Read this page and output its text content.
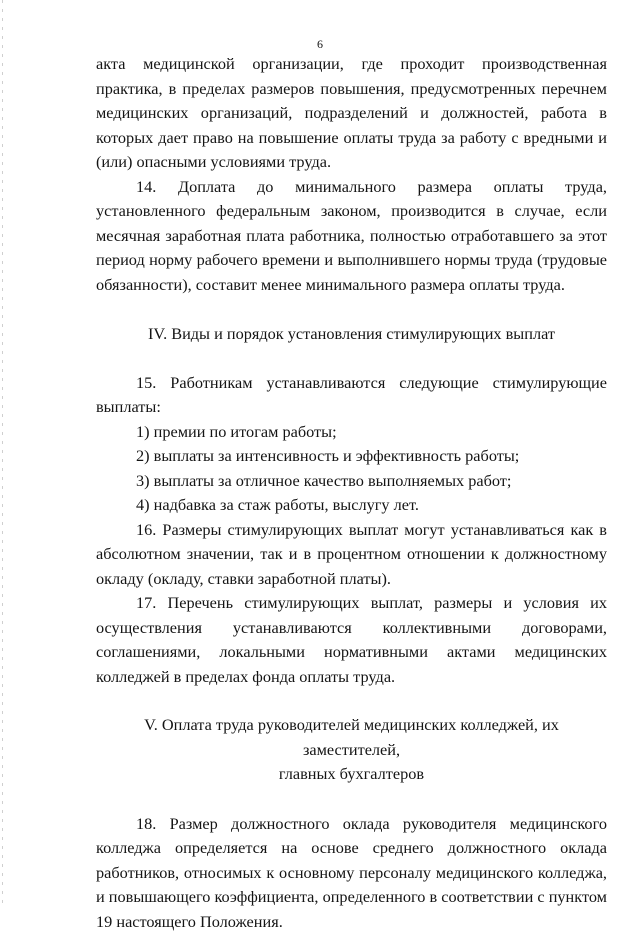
6

акта медицинской организации, где проходит производственная практика, в пределах размеров повышения, предусмотренных перечнем медицинских организаций, подразделений и должностей, работа в которых дает право на повышение оплаты труда за работу с вредными и (или) опасными условиями труда.

14. Доплата до минимального размера оплаты труда, установленного федеральным законом, производится в случае, если месячная заработная плата работника, полностью отработавшего за этот период норму рабочего времени и выполнившего нормы труда (трудовые обязанности), составит менее минимального размера оплаты труда.

IV. Виды и порядок установления стимулирующих выплат

15. Работникам устанавливаются следующие стимулирующие выплаты:

1) премии по итогам работы;

2) выплаты за интенсивность и эффективность работы;

3) выплаты за отличное качество выполняемых работ;

4) надбавка за стаж работы, выслугу лет.

16. Размеры стимулирующих выплат могут устанавливаться как в абсолютном значении, так и в процентном отношении к должностному окладу (окладу, ставки заработной платы).

17. Перечень стимулирующих выплат, размеры и условия их осуществления устанавливаются коллективными договорами, соглашениями, локальными нормативными актами медицинских колледжей в пределах фонда оплаты труда.

V. Оплата труда руководителей медицинских колледжей, их заместителей,

главных бухгалтеров

18. Размер должностного оклада руководителя медицинского колледжа определяется на основе среднего должностного оклада работников, относимых к основному персоналу медицинского колледжа, и повышающего коэффициента, определенного в соответствии с пунктом 19 настоящего Положения.
